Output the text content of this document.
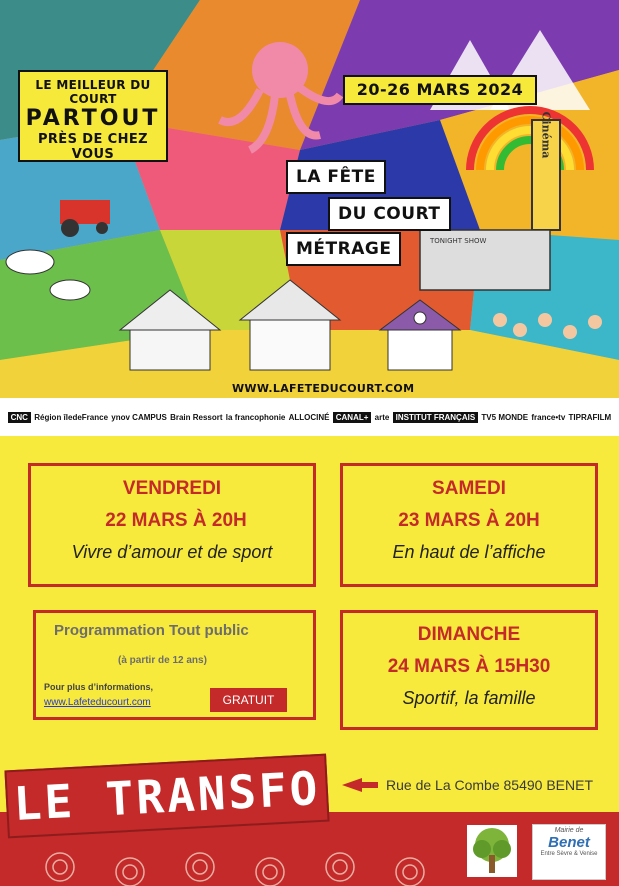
Cinéma
TONIGHT SHOW
LE MEILLEUR DU COURT
PARTOUT
PRÈS DE CHEZ VOUS
20-26 MARS 2024
LA FÊTE
DU COURT
MÉTRAGE
WWW.LAFETEDUCOURT.COM
CNC Région îledeFrance ynov CAMPUS Brain Ressort la francophonie ALLOCINÉ CANAL+ arte INSTITUT FRANÇAIS TV5 MONDE france•tv TIPRAFILM
VENDREDI
22 MARS À 20H
Vivre d’amour et de sport
SAMEDI
23 MARS À 20H
En haut de l’affiche
Programmation Tout public
(à partir de 12 ans)
Pour plus d’informations,
www.Lafeteducourt.com	GRATUIT
DIMANCHE
24 MARS À 15H30
Sportif, la famille
LE TRANSFO	Rue de La Combe 85490 BENET
Mairie de
Benet
Entre Sèvre & Venise
